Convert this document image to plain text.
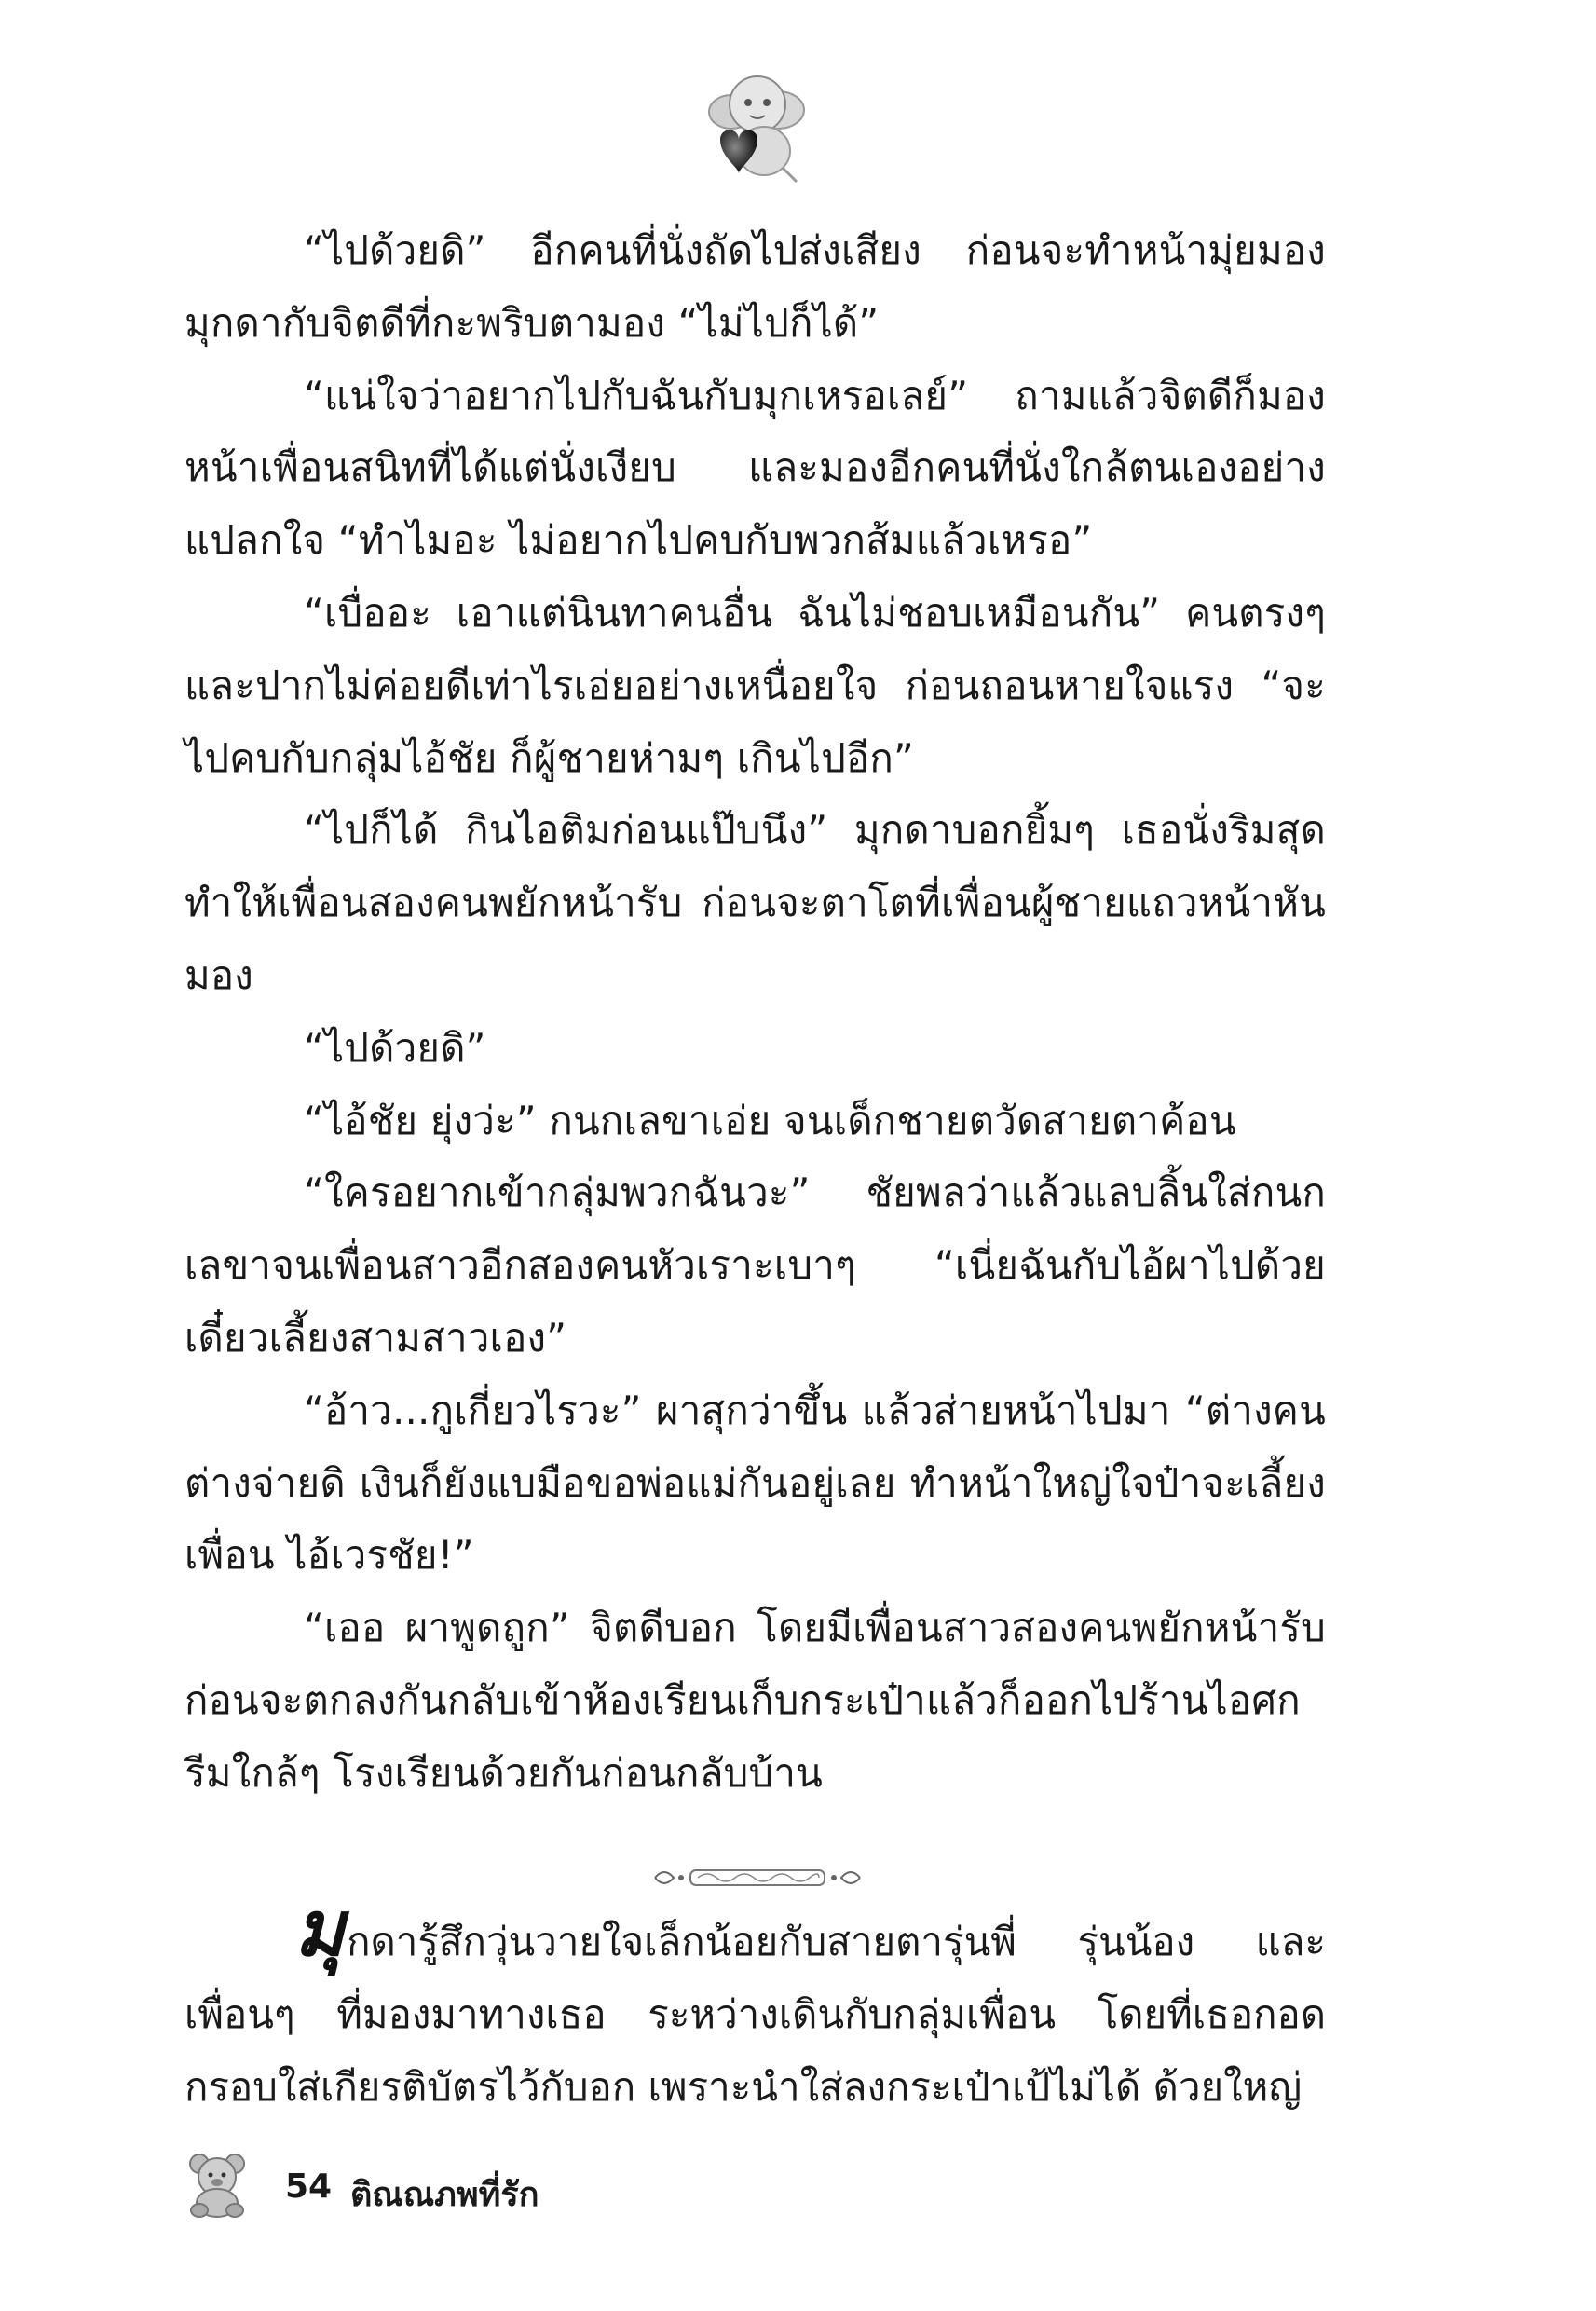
“ไปด้วยดิ” อีกคนที่นั่งถัดไปส่งเสียง ก่อนจะทำหน้ามุ่ยมองมุกดากับจิตดีที่กะพริบตามอง “ไม่ไปก็ได้”

“แน่ใจว่าอยากไปกับฉันกับมุกเหรอเลย์” ถามแล้วจิตดีก็มองหน้าเพื่อนสนิทที่ได้แต่นั่งเงียบ และมองอีกคนที่นั่งใกล้ตนเองอย่างแปลกใจ “ทำไมอะ ไม่อยากไปคบกับพวกส้มแล้วเหรอ”

“เบื่ออะ เอาแต่นินทาคนอื่น ฉันไม่ชอบเหมือนกัน” คนตรงๆ และปากไม่ค่อยดีเท่าไรเอ่ยอย่างเหนื่อยใจ ก่อนถอนหายใจแรง “จะไปคบกับกลุ่มไอ้ชัย ก็ผู้ชายห่ามๆ เกินไปอีก”

“ไปก็ได้ กินไอติมก่อนแป๊บนึง” มุกดาบอกยิ้มๆ เธอนั่งริมสุดทำให้เพื่อนสองคนพยักหน้ารับ ก่อนจะตาโตที่เพื่อนผู้ชายแถวหน้าหันมอง

“ไปด้วยดิ”

“ไอ้ชัย ยุ่งว่ะ” กนกเลขาเอ่ย จนเด็กชายตวัดสายตาค้อน

“ใครอยากเข้ากลุ่มพวกฉันวะ” ชัยพลว่าแล้วแลบลิ้นใส่กนกเลขาจนเพื่อนสาวอีกสองคนหัวเราะเบาๆ “เนี่ยฉันกับไอ้ผาไปด้วย เดี๋ยวเลี้ยงสามสาวเอง”

“อ้าว...กูเกี่ยวไรวะ” ผาสุกว่าขึ้น แล้วส่ายหน้าไปมา “ต่างคนต่างจ่ายดิ เงินก็ยังแบมือขอพ่อแม่กันอยู่เลย ทำหน้าใหญ่ใจป๋าจะเลี้ยงเพื่อน ไอ้เวรชัย!”

“เออ ผาพูดถูก” จิตดีบอก โดยมีเพื่อนสาวสองคนพยักหน้ารับก่อนจะตกลงกันกลับเข้าห้องเรียนเก็บกระเป๋าแล้วก็ออกไปร้านไอศกรีมใกล้ๆ โรงเรียนด้วยกันก่อนกลับบ้าน

มุกดารู้สึกวุ่นวายใจเล็กน้อยกับสายตารุ่นพี่ รุ่นน้อง และเพื่อนๆ ที่มองมาทางเธอ ระหว่างเดินกับกลุ่มเพื่อน โดยที่เธอกอดกรอบใส่เกียรติบัตรไว้กับอก เพราะนำใส่ลงกระเป๋าเป้ไม่ได้ ด้วยใหญ่

54 ติณณภพที่รัก
